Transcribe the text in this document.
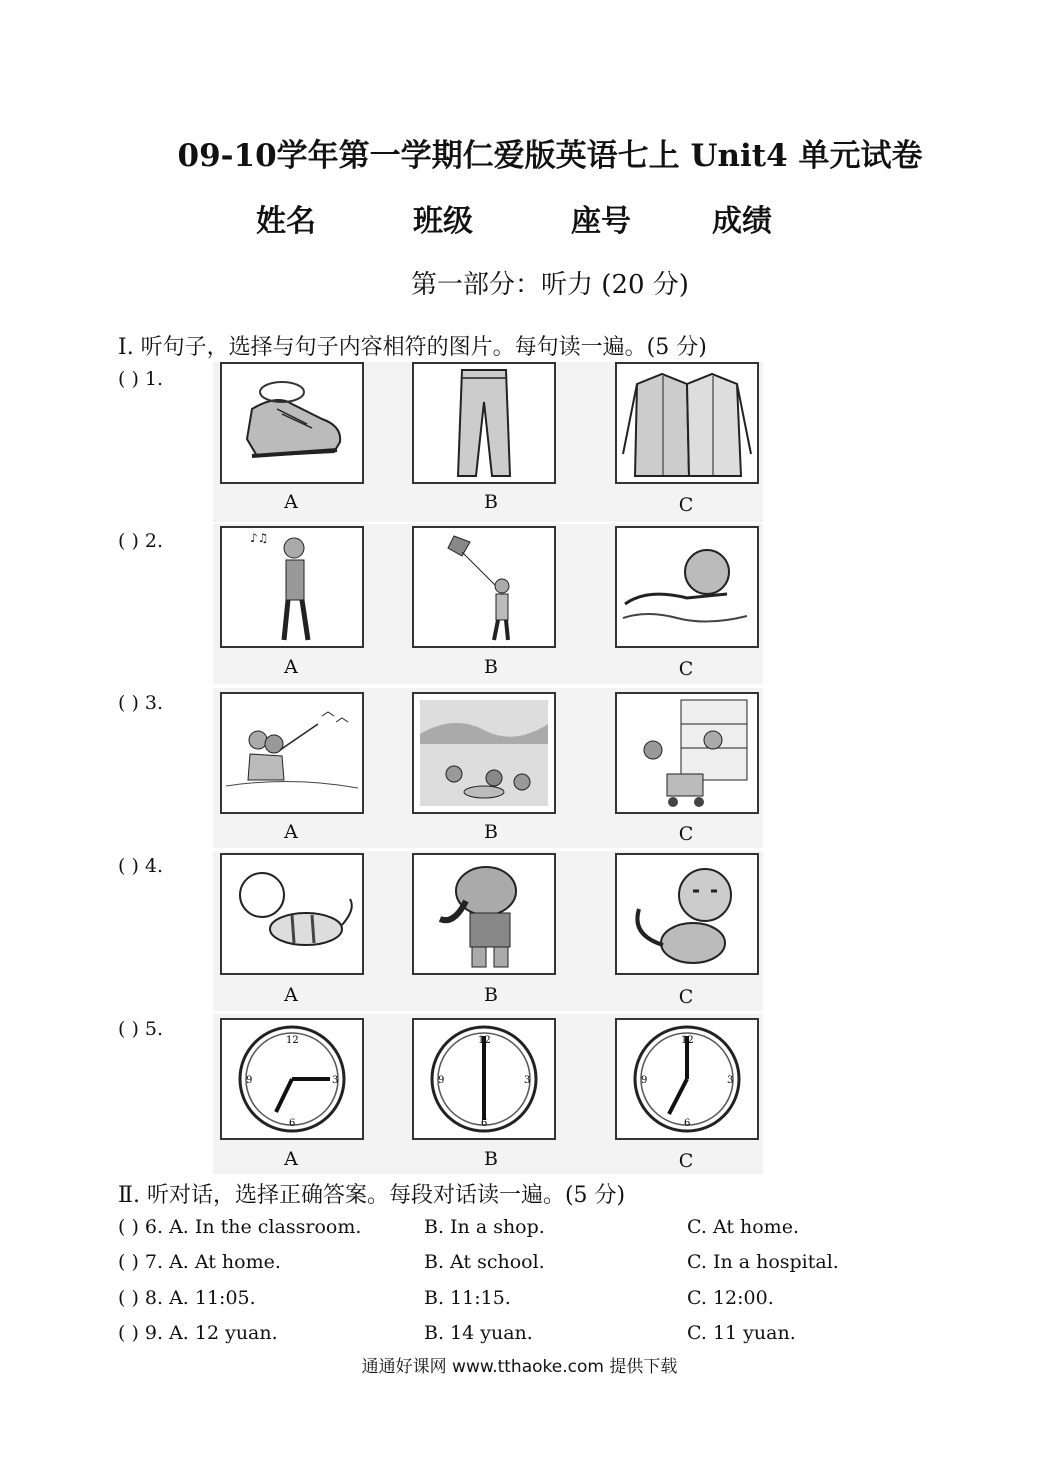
09-10学年第一学期仁爱版英语七上 Unit4 单元试卷
姓名	班级	座号	成绩
第一部分：听力 (20 分)
Ⅰ. 听句子，选择与句子内容相符的图片。每句读一遍。(5 分)
( ) 1.
A	B	C
( ) 2.	♪♫
A	B	C
( ) 3.
A	B	C
( ) 4.
A	B	C
( ) 5.
12
3
6
9
12
3
6
9
12
3
6
9
A	B	C
Ⅱ. 听对话，选择正确答案。每段对话读一遍。(5 分)
( ) 6. A. In the classroom.	B. In a shop.	C. At home.
( ) 7. A. At home.	B. At school.	C. In a hospital.
( ) 8. A. 11:05.	B. 11:15.	C. 12:00.
( ) 9. A. 12 yuan.	B. 14 yuan.	C. 11 yuan.
通通好课网 www.tthaoke.com 提供下载
